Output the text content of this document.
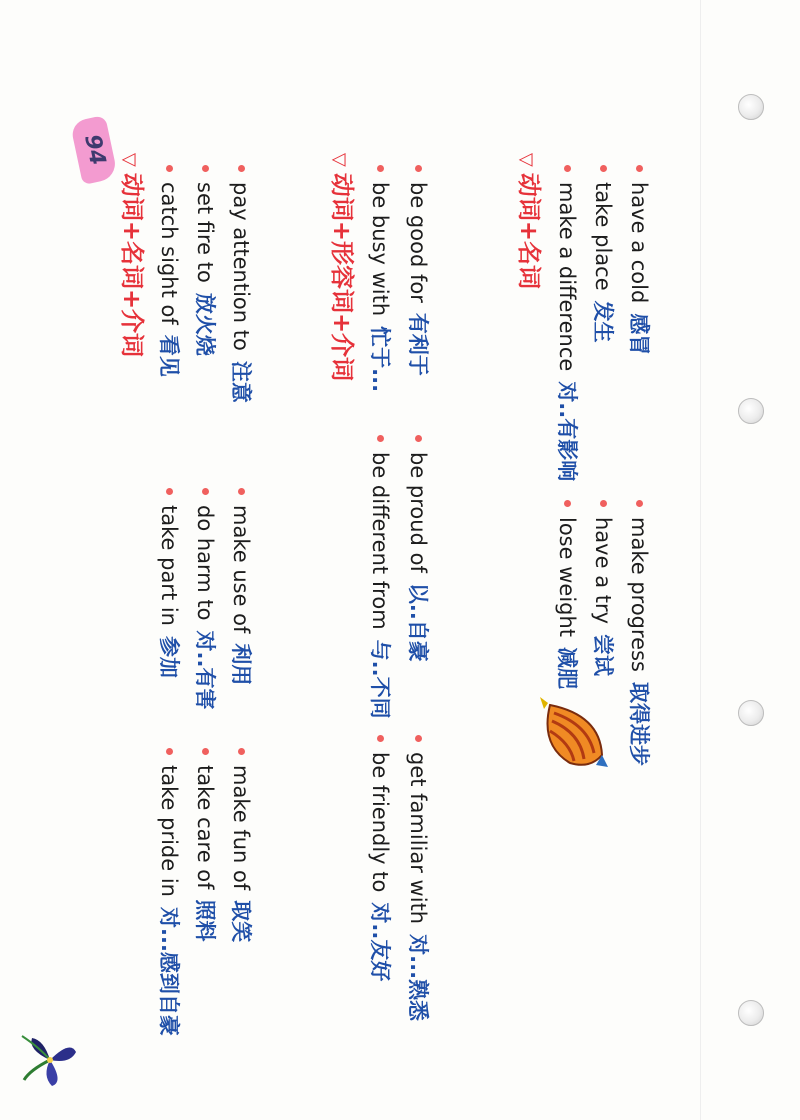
94 ▽动词+名词+介词 catch sight of看见
set fire to放火烧 pay attention to注意
take part in参加
do harm to对..有害
make use of利用
take pride in对...感到自豪
take care of照料
make fun of取笑
▽动词+形容词+介词 be busy with忙于...
be good for有利于
be different from与..不同
be proud of以..自豪
be friendly to对..友好
get familiar with对...熟悉
▽动词+名词 make a difference对..有影响
take place发生
have a cold感冒
lose weight减肥
have a try尝试 make progress取得进步
